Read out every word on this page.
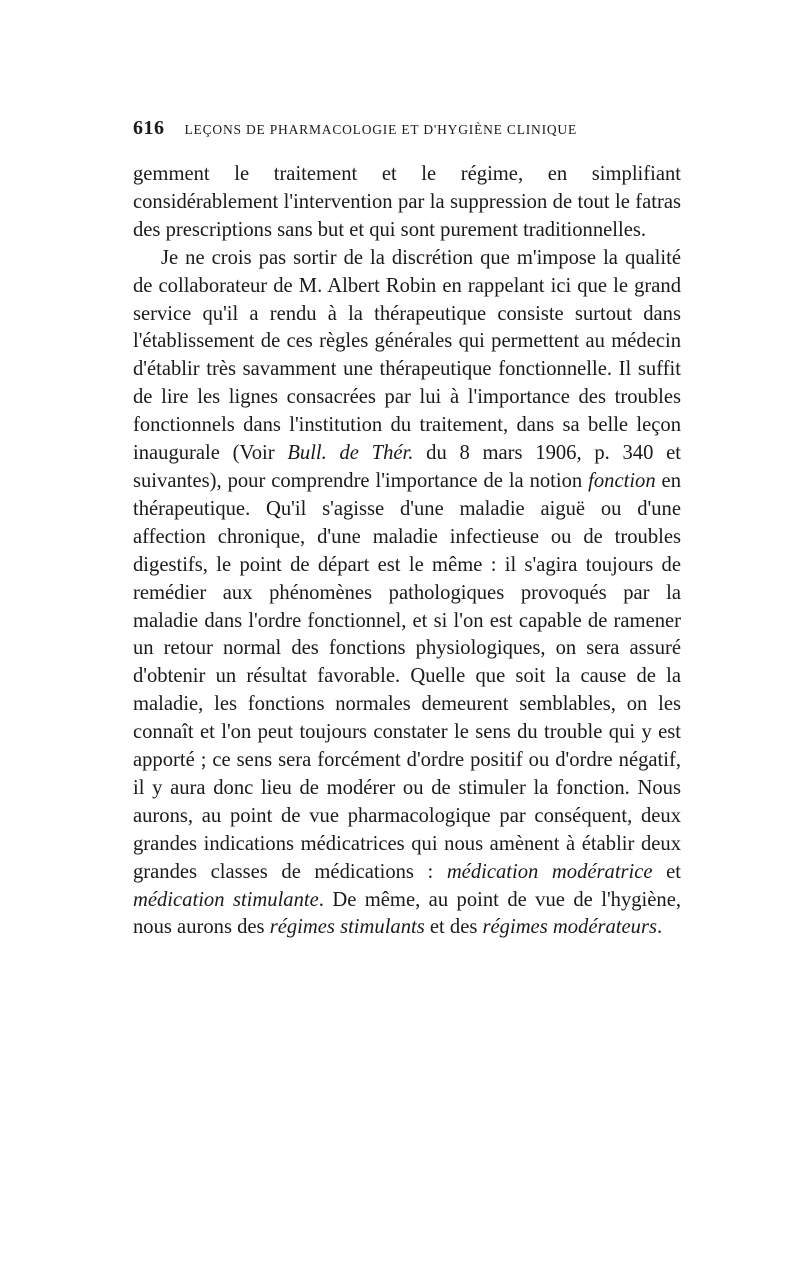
616 LEÇONS DE PHARMACOLOGIE ET D'HYGIÈNE CLINIQUE

gemment le traitement et le régime, en simplifiant considérablement l'intervention par la suppression de tout le fatras des prescriptions sans but et qui sont purement traditionnelles.

Je ne crois pas sortir de la discrétion que m'impose la qualité de collaborateur de M. Albert Robin en rappelant ici que le grand service qu'il a rendu à la thérapeutique consiste surtout dans l'établissement de ces règles générales qui permettent au médecin d'établir très savamment une thérapeutique fonctionnelle. Il suffit de lire les lignes consacrées par lui à l'importance des troubles fonctionnels dans l'institution du traitement, dans sa belle leçon inaugurale (Voir Bull. de Thér. du 8 mars 1906, p. 340 et suivantes), pour comprendre l'importance de la notion fonction en thérapeutique. Qu'il s'agisse d'une maladie aiguë ou d'une affection chronique, d'une maladie infectieuse ou de troubles digestifs, le point de départ est le même : il s'agira toujours de remédier aux phénomènes pathologiques provoqués par la maladie dans l'ordre fonctionnel, et si l'on est capable de ramener un retour normal des fonctions physiologiques, on sera assuré d'obtenir un résultat favorable. Quelle que soit la cause de la maladie, les fonctions normales demeurent semblables, on les connaît et l'on peut toujours constater le sens du trouble qui y est apporté ; ce sens sera forcément d'ordre positif ou d'ordre négatif, il y aura donc lieu de modérer ou de stimuler la fonction. Nous aurons, au point de vue pharmacologique par conséquent, deux grandes indications médicatrices qui nous amènent à établir deux grandes classes de médications : médication modératrice et médication stimulante. De même, au point de vue de l'hygiène, nous aurons des régimes stimulants et des régimes modérateurs.
